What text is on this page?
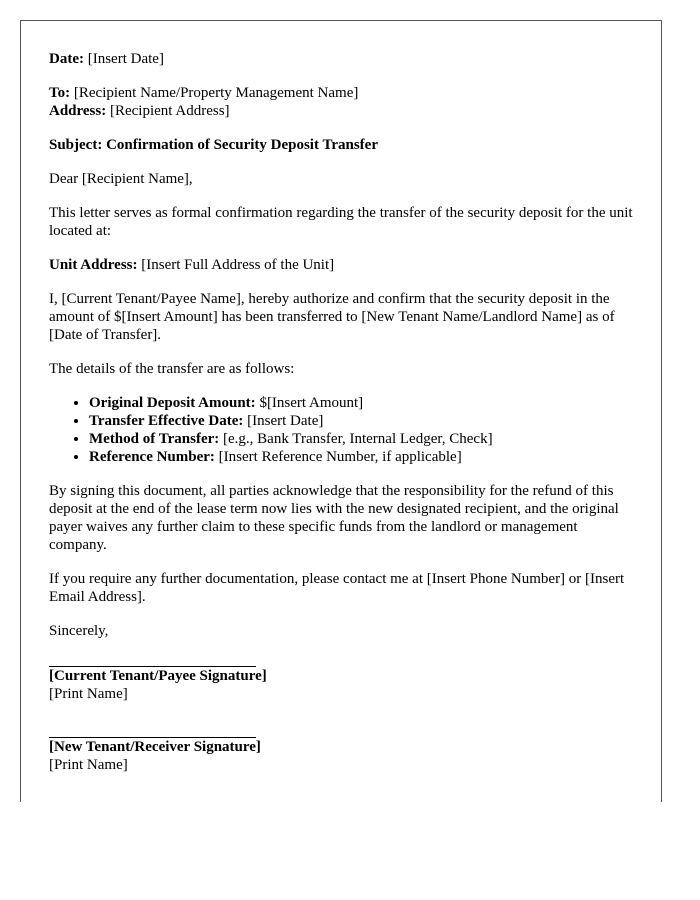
Date: [Insert Date]
To: [Recipient Name/Property Management Name]
Address: [Recipient Address]

Subject: Confirmation of Security Deposit Transfer

Dear [Recipient Name],

This letter serves as formal confirmation regarding the transfer of the security deposit for the unit located at:

Unit Address: [Insert Full Address of the Unit]

I, [Current Tenant/Payee Name], hereby authorize and confirm that the security deposit in the amount of $[Insert Amount] has been transferred to [New Tenant Name/Landlord Name] as of [Date of Transfer].

The details of the transfer are as follows:

• Original Deposit Amount: $[Insert Amount]
• Transfer Effective Date: [Insert Date]
• Method of Transfer: [e.g., Bank Transfer, Internal Ledger, Check]
• Reference Number: [Insert Reference Number, if applicable]

By signing this document, all parties acknowledge that the responsibility for the refund of this deposit at the end of the lease term now lies with the new designated recipient, and the original payer waives any further claim to these specific funds from the landlord or management company.

If you require any further documentation, please contact me at [Insert Phone Number] or [Insert Email Address].

Sincerely,

[Current Tenant/Payee Signature]
[Print Name]
[New Tenant/Receiver Signature]
[Print Name]
